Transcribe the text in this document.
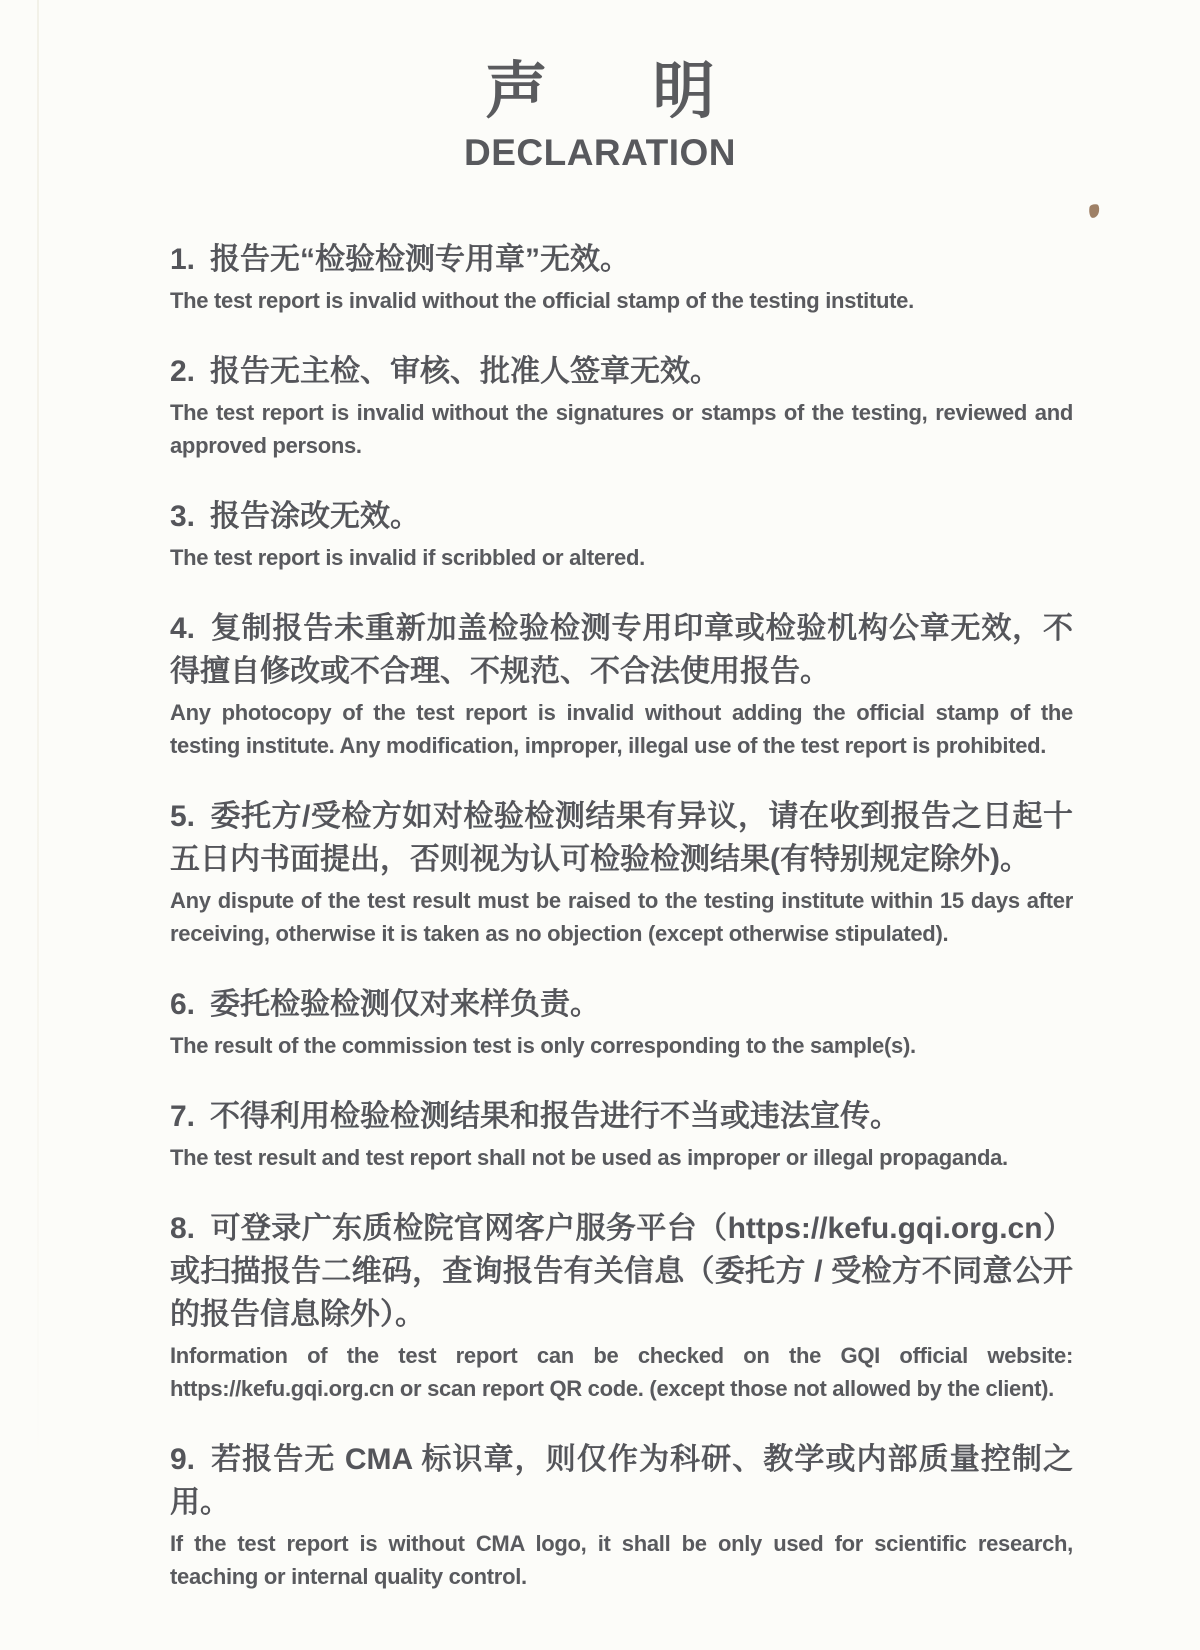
声明
DECLARATION

1. 报告无“检验检测专用章”无效。

The test report is invalid without the official stamp of the testing institute.

2. 报告无主检、审核、批准人签章无效。

The test report is invalid without the signatures or stamps of the testing, reviewed and approved persons.

3. 报告涂改无效。

The test report is invalid if scribbled or altered.

4. 复制报告未重新加盖检验检测专用印章或检验机构公章无效，不得擅自修改或不合理、不规范、不合法使用报告。

Any photocopy of the test report is invalid without adding the official stamp of the testing institute. Any modification, improper, illegal use of the test report is prohibited.

5. 委托方/受检方如对检验检测结果有异议，请在收到报告之日起十五日内书面提出，否则视为认可检验检测结果(有特别规定除外)。

Any dispute of the test result must be raised to the testing institute within 15 days after receiving, otherwise it is taken as no objection (except otherwise stipulated).

6. 委托检验检测仅对来样负责。

The result of the commission test is only corresponding to the sample(s).

7. 不得利用检验检测结果和报告进行不当或违法宣传。

The test result and test report shall not be used as improper or illegal propaganda.

8. 可登录广东质检院官网客户服务平台（https://kefu.gqi.org.cn）或扫描报告二维码，查询报告有关信息（委托方 / 受检方不同意公开的报告信息除外）。

Information of the test report can be checked on the GQI official website: https://kefu.gqi.org.cn or scan report QR code. (except those not allowed by the client).

9. 若报告无 CMA 标识章，则仅作为科研、教学或内部质量控制之用。

If the test report is without CMA logo, it shall be only used for scientific research, teaching or internal quality control.
